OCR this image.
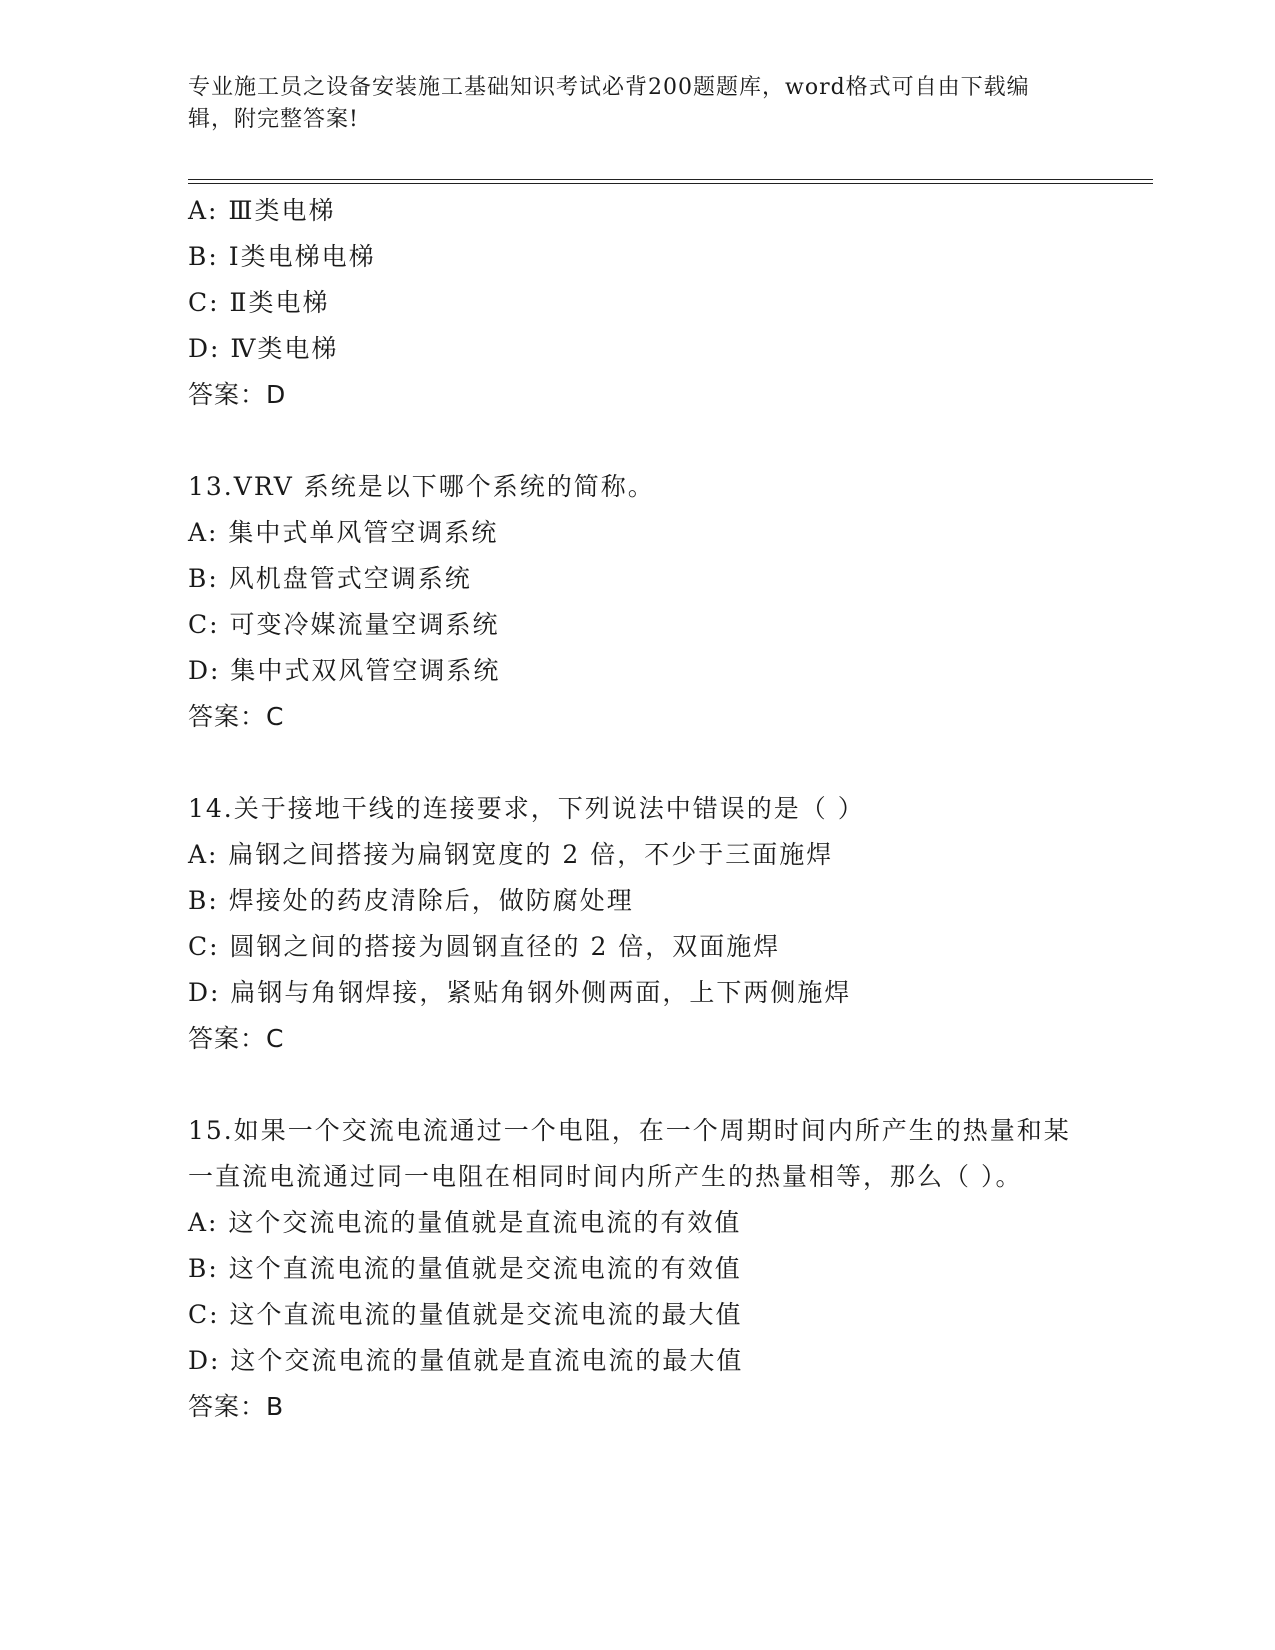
专业施工员之设备安装施工基础知识考试必背200题题库，word格式可自由下载编辑，附完整答案!
A: Ⅲ类电梯
B: Ⅰ类电梯电梯
C: Ⅱ类电梯
D: Ⅳ类电梯
答案：D
13.VRV 系统是以下哪个系统的简称。
A: 集中式单风管空调系统
B: 风机盘管式空调系统
C: 可变冷媒流量空调系统
D: 集中式双风管空调系统
答案：C
14.关于接地干线的连接要求，下列说法中错误的是（ ）
A: 扁钢之间搭接为扁钢宽度的 2 倍，不少于三面施焊
B: 焊接处的药皮清除后，做防腐处理
C: 圆钢之间的搭接为圆钢直径的 2 倍，双面施焊
D: 扁钢与角钢焊接，紧贴角钢外侧两面，上下两侧施焊
答案：C
15.如果一个交流电流通过一个电阻，在一个周期时间内所产生的热量和某一直流电流通过同一电阻在相同时间内所产生的热量相等，那么（ ）。
A: 这个交流电流的量值就是直流电流的有效值
B: 这个直流电流的量值就是交流电流的有效值
C: 这个直流电流的量值就是交流电流的最大值
D: 这个交流电流的量值就是直流电流的最大值
答案：B
